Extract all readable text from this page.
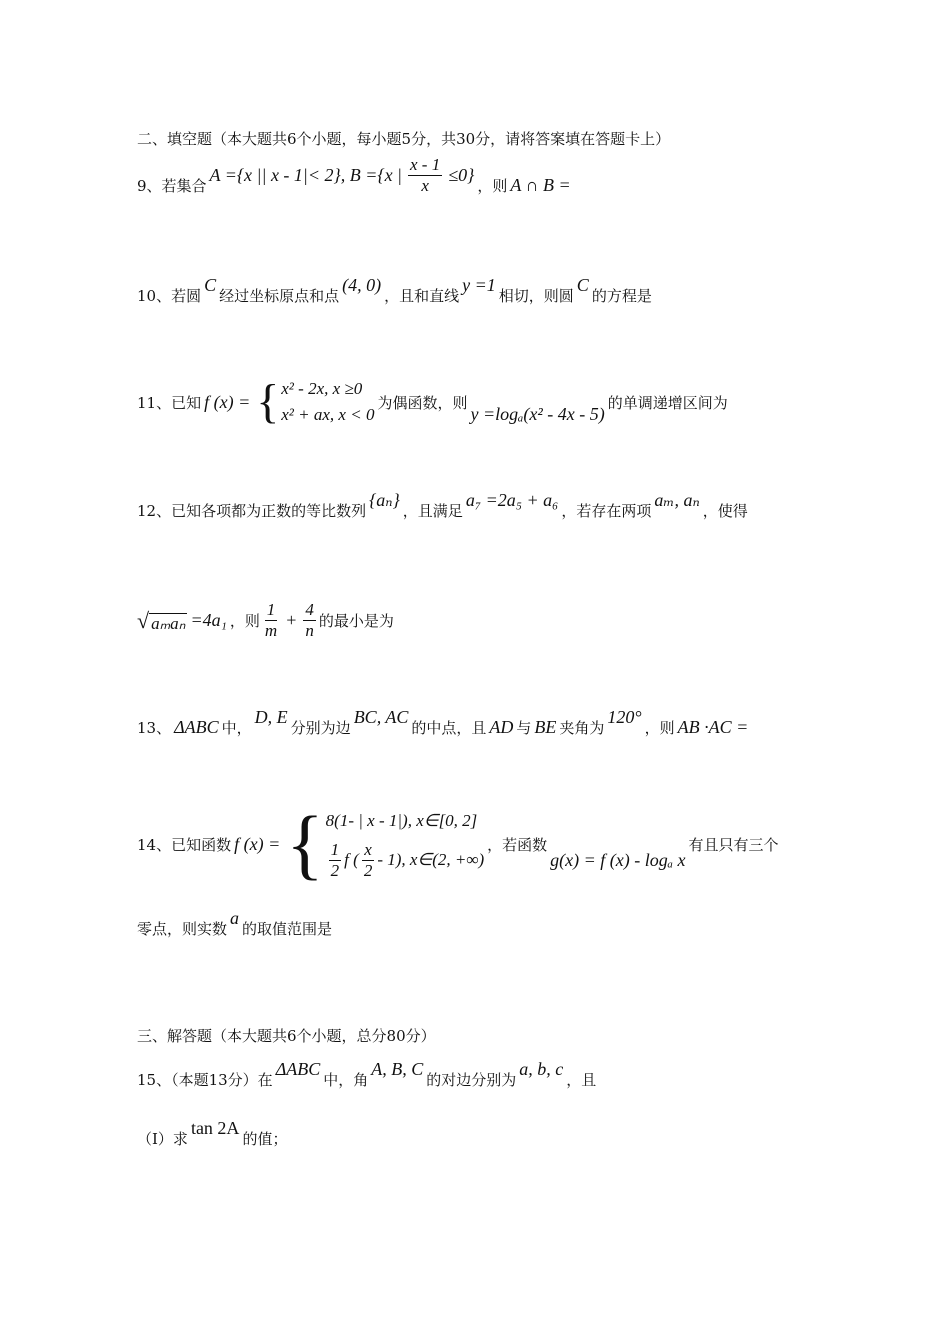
二、填空题（本大题共6个小题，每小题5分，共30分，请将答案填在答题卡上）
9、若集合
A ={x || x - 1|< 2}, B ={x | $\frac{x - 1}{x} \le 0$}
，则 A ∩ B =
10、若圆
C
经过坐标原点和点
(4, 0)
，且和直线
y =1
相切，则圆
C
的方程是
11、已知 f (x) = { x² - 2x, x ≥0
x² + ax, x < 0
为偶函数，则
y =logₐ(x² - 4x - 5)
的单调递增区间为
12、已知各项都为正数的等比数列
{aₙ}
，且满足
a₇ =2a₅ + a₆
，若存在两项
aₘ, aₙ
，使得
√ aₘaₙ =4a₁ ，则 $\frac{1}{m} + \frac{4}{n}$ 的最小是为
13、 ΔABC 中，
D, E
分别为边
BC, AC
的中点，且 AD 与 BE 夹角为
120°
，则 AB ·AC =
14、已知函数 f (x) = { 8(1- | x - 1|), x∈[0, 2]
$\frac{1}{2}$ f ( $\frac{x}{2} - 1$), x∈(2, +∞)
，若函数
g(x) = f (x) - logₐ x
有且只有三个
零点，则实数
a
的取值范围是
三、解答题（本大题共6个小题，总分80分）
15、（本题13分）在
ΔABC
中，角
A, B, C
的对边分别为
a, b, c
，且
（Ⅰ）求
tan 2A
的值；
